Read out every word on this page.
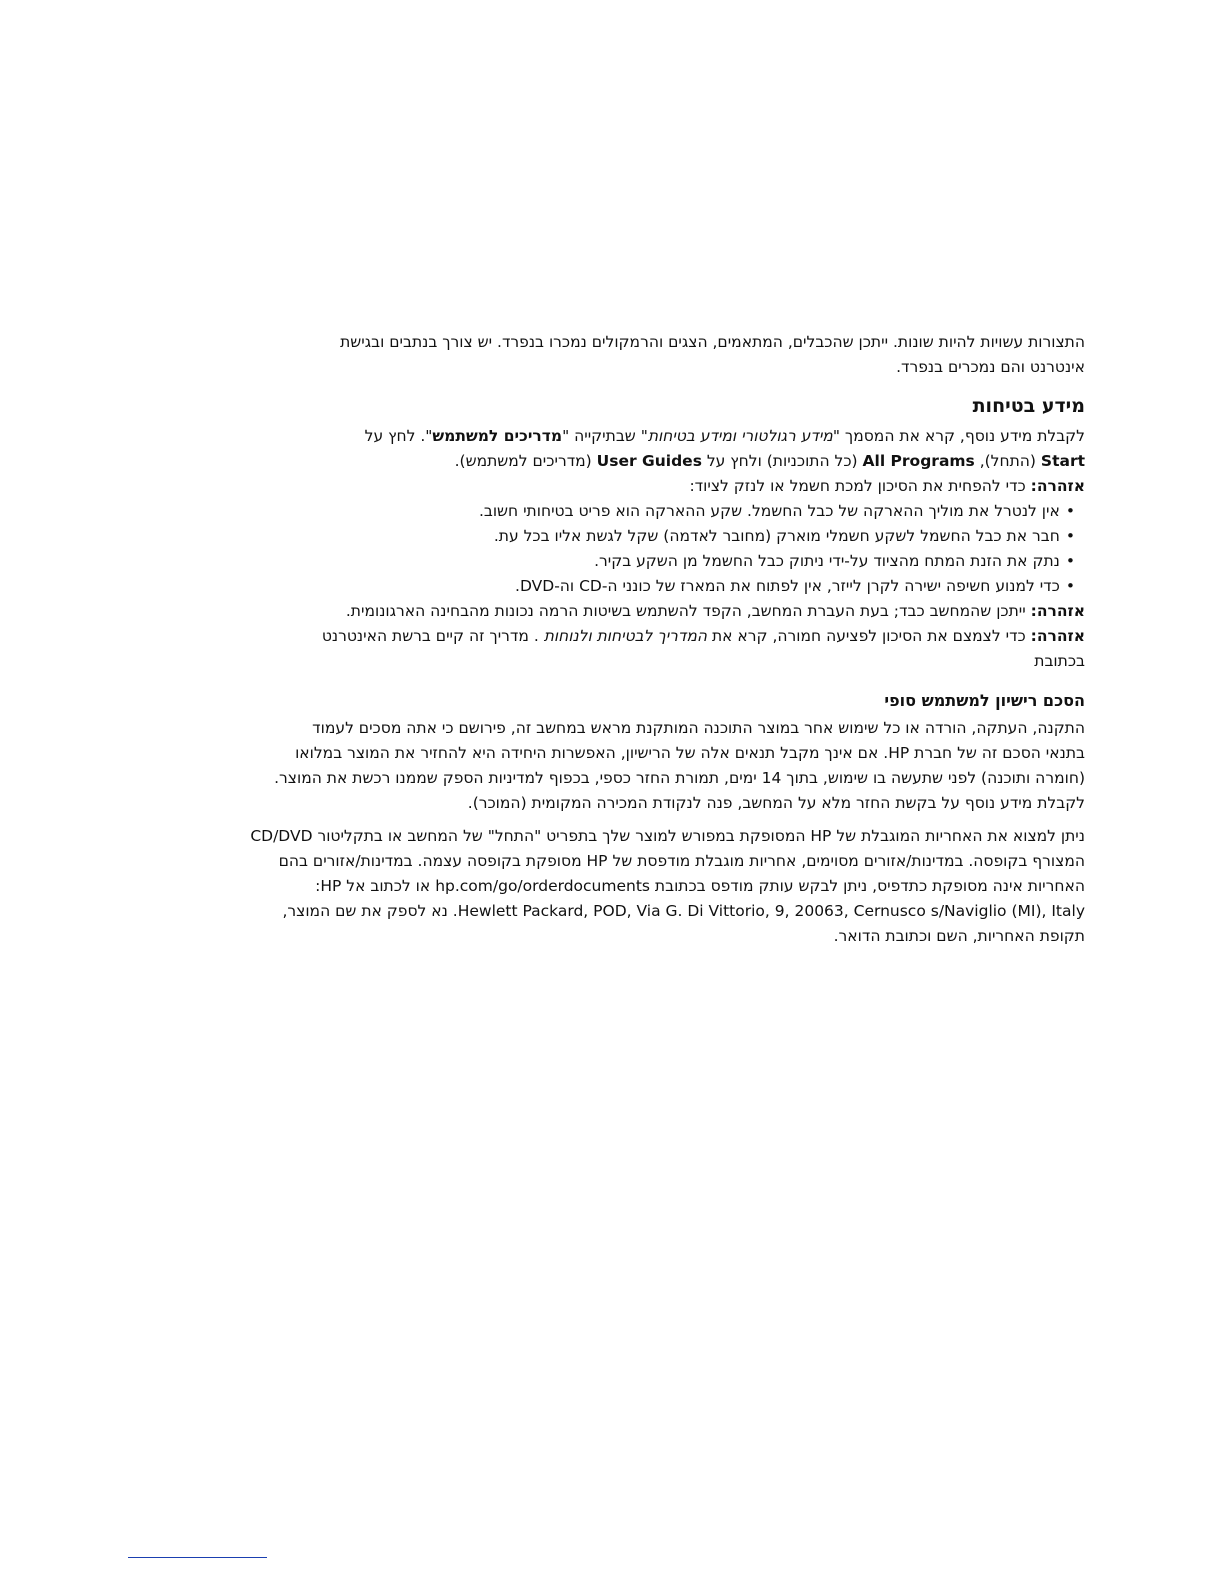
התצורות עשויות להיות שונות. ייתכן שהכבלים, המתאמים, הצגים והרמקולים נמכרו בנפרד. יש צורך בנתבים ובגישת
אינטרנט והם נמכרים בנפרד.

מידע בטיחות

לקבלת מידע נוסף, קרא את המסמך "מידע רגולטורי ומידע בטיחות" שבתיקייה "מדריכים למשתמש". לחץ על
Start (התחל), All Programs (כל התוכניות) ולחץ על User Guides (מדריכים למשתמש).

אזהרה: כדי להפחית את הסיכון למכת חשמל או לנזק לציוד:

• אין לנטרל את מוליך ההארקה של כבל החשמל. שקע ההארקה הוא פריט בטיחותי חשוב.
• חבר את כבל החשמל לשקע חשמלי מוארק (מחובר לאדמה) שקל לגשת אליו בכל עת.
• נתק את הזנת המתח מהציוד על-ידי ניתוק כבל החשמל מן השקע בקיר.
• כדי למנוע חשיפה ישירה לקרן לייזר, אין לפתוח את המארז של כונני ה-CD וה-DVD.

אזהרה: ייתכן שהמחשב כבד; בעת העברת המחשב, הקפד להשתמש בשיטות הרמה נכונות מהבחינה הארגונומית.

אזהרה: כדי לצמצם את הסיכון לפציעה חמורה, קרא את המדריך לבטיחות ולנוחות . מדריך זה קיים ברשת האינטרנט
בכתובת

הסכם רישיון למשתמש סופי

התקנה, העתקה, הורדה או כל שימוש אחר במוצר התוכנה המותקנת מראש במחשב זה, פירושם כי אתה מסכים לעמוד
בתנאי הסכם זה של חברת HP. אם אינך מקבל תנאים אלה של הרישיון, האפשרות היחידה היא להחזיר את המוצר במלואו
(חומרה ותוכנה) לפני שתעשה בו שימוש, בתוך 14 ימים, תמורת החזר כספי, בכפוף למדיניות הספק שממנו רכשת את המוצר.
לקבלת מידע נוסף על בקשת החזר מלא על המחשב, פנה לנקודת המכירה המקומית (המוכר).

ניתן למצוא את האחריות המוגבלת של HP המסופקת במפורש למוצר שלך בתפריט "התחל" של המחשב או בתקליטור CD/DVD
המצורף בקופסה. במדינות/אזורים מסוימים, אחריות מוגבלת מודפסת של HP מסופקת בקופסה עצמה. במדינות/אזורים בהם
האחריות אינה מסופקת כתדפיס, ניתן לבקש עותק מודפס בכתובת hp.com/go/orderdocuments או לכתוב אל HP:
Hewlett Packard, POD, Via G. Di Vittorio, 9, 20063, Cernusco s/Naviglio (MI), Italy. נא לספק את שם המוצר,
תקופת האחריות, השם וכתובת הדואר.
